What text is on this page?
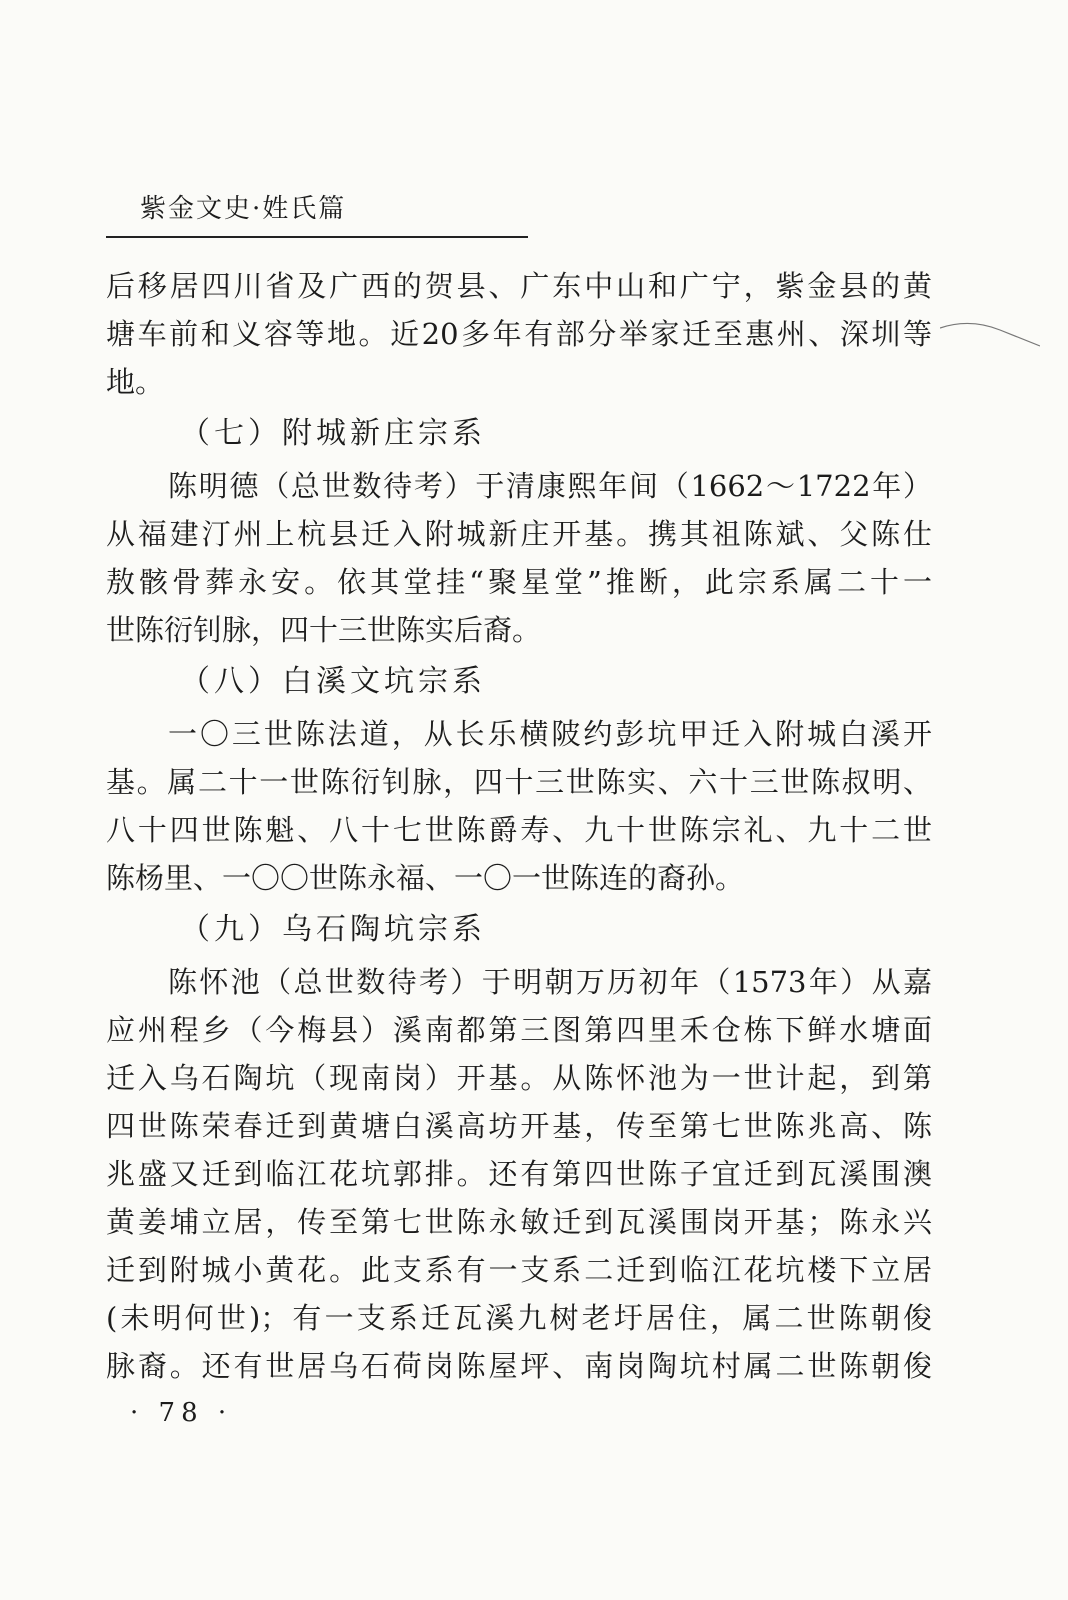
紫金文史·姓氏篇
后移居四川省及广西的贺县、广东中山和广宁，紫金县的黄
塘车前和义容等地。近20多年有部分举家迁至惠州、深圳等
地。
（七）附城新庄宗系
陈明德（总世数待考）于清康熙年间（1662～1722年）
从福建汀州上杭县迁入附城新庄开基。携其祖陈斌、父陈仕
敖骸骨葬永安。依其堂挂“聚星堂”推断，此宗系属二十一
世陈衍钊脉，四十三世陈实后裔。
（八）白溪文坑宗系
一〇三世陈法道，从长乐横陂约彭坑甲迁入附城白溪开
基。属二十一世陈衍钊脉，四十三世陈实、六十三世陈叔明、
八十四世陈魁、八十七世陈爵寿、九十世陈宗礼、九十二世
陈杨里、一〇〇世陈永福、一〇一世陈连的裔孙。
（九）乌石陶坑宗系
陈怀池（总世数待考）于明朝万历初年（1573年）从嘉
应州程乡（今梅县）溪南都第三图第四里禾仓栋下鲜水塘面
迁入乌石陶坑（现南岗）开基。从陈怀池为一世计起，到第
四世陈荣春迁到黄塘白溪高坊开基，传至第七世陈兆高、陈
兆盛又迁到临江花坑郭排。还有第四世陈子宜迁到瓦溪围澳
黄姜埔立居，传至第七世陈永敏迁到瓦溪围岗开基；陈永兴
迁到附城小黄花。此支系有一支系二迁到临江花坑楼下立居
(未明何世)；有一支系迁瓦溪九树老圩居住，属二世陈朝俊
脉裔。还有世居乌石荷岗陈屋坪、南岗陶坑村属二世陈朝俊
· 78 ·
